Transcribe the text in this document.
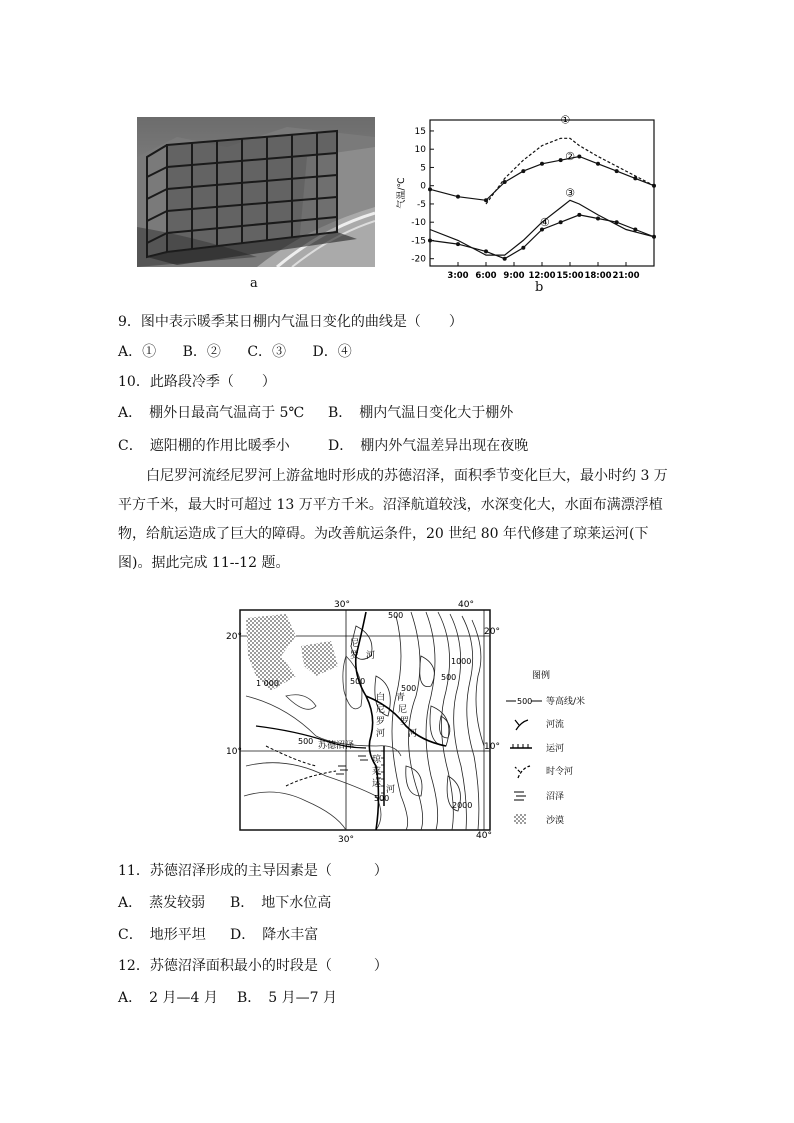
a
15
10
5
0
-5
-10
-15
-20
3:00 6:00 9:00 12:00 15:00 18:00 21:00
气温/℃
①
②
③
④
b
9．图中表示暖季某日棚内气温日变化的曲线是（　　）
A．① B．② C．③ D．④
10．此路段冷季（　　）
A．　棚外日最高气温高于 5℃ B．　棚内气温日变化大于棚外
C．　遮阳棚的作用比暖季小	D．　棚内外气温差异出现在夜晚
白尼罗河流经尼罗河上游盆地时形成的苏德沼泽，面积季节变化巨大，最小时约 3 万平方千米，最大时可超过 13 万平方千米。沼泽航道较浅，水深变化大，水面布满漂浮植物，给航运造成了巨大的障碍。为改善航运条件，20 世纪 80 年代修建了琼莱运河(下图)。据此完成 11--12 题。
30°	40°
30°	40°
20°
10°
20°
10°
1 000
1000
500
500
500
500
500
500
2000
尼
罗 河
白
尼
罗
河
青
尼
罗
河
苏德沼泽
琼
莱
运
河
图例
500 等高线/米
河流
运河
时令河
沼泽
沙漠
11．苏德沼泽形成的主导因素是（　　　）
A．　蒸发较弱 B．　地下水位高
C．　地形平坦 D．　降水丰富
12．苏德沼泽面积最小的时段是（　　　）
A．　2 月—4 月 B．　5 月—7 月
